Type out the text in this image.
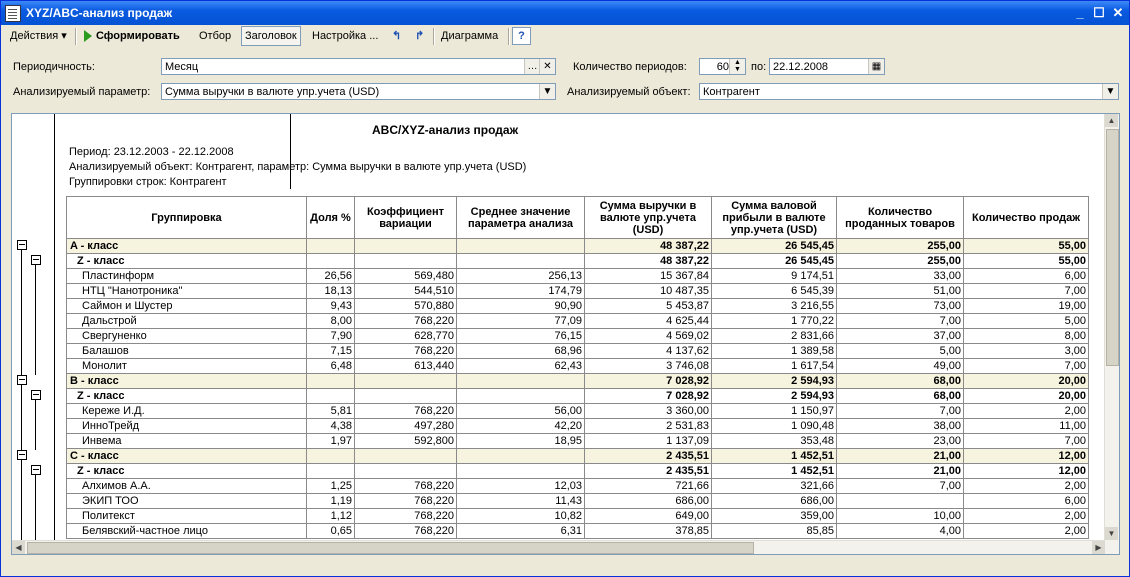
XYZ/ABC-анализ продаж	_ ☐ ✕
Действия ▾	Сформировать Отбор	Заголовок	Настройка ... ↰ ↱ Диаграмма	?
Периодичность:	Месяц	… ✕	Количество периодов:	60 ▲
▼ по: 22.12.2008	▦
Анализируемый параметр:	Сумма выручки в валюте упр.учета (USD)	▼ Анализируемый объект:	Контрагент	▼
ABC/XYZ-анализ продаж
Период: 23.12.2003 - 22.12.2008
Анализируемый объект: Контрагент, параметр: Сумма выручки в валюте упр.учета (USD)
Группировки строк: Контрагент
Группировка	Доля %	Коэффициент вариации	Среднее значение параметра анализа	Сумма выручки в валюте упр.учета (USD)	Сумма валовой прибыли в валюте упр.учета (USD)	Количество проданных товаров	Количество продаж
A - класс				48 387,22	26 545,45	255,00	55,00
Z - класс				48 387,22	26 545,45	255,00	55,00
Пластинформ	26,56	569,480	256,13	15 367,84	9 174,51	33,00	6,00
НТЦ "Нанотроника"	18,13	544,510	174,79	10 487,35	6 545,39	51,00	7,00
Саймон и Шустер	9,43	570,880	90,90	5 453,87	3 216,55	73,00	19,00
Дальстрой	8,00	768,220	77,09	4 625,44	1 770,22	7,00	5,00
Свергуненко	7,90	628,770	76,15	4 569,02	2 831,66	37,00	8,00
Балашов	7,15	768,220	68,96	4 137,62	1 389,58	5,00	3,00
Монолит	6,48	613,440	62,43	3 746,08	1 617,54	49,00	7,00
B - класс				7 028,92	2 594,93	68,00	20,00
Z - класс				7 028,92	2 594,93	68,00	20,00
Кереже И.Д.	5,81	768,220	56,00	3 360,00	1 150,97	7,00	2,00
ИнноТрейд	4,38	497,280	42,20	2 531,83	1 090,48	38,00	11,00
Инвема	1,97	592,800	18,95	1 137,09	353,48	23,00	7,00
C - класс				2 435,51	1 452,51	21,00	12,00
Z - класс				2 435,51	1 452,51	21,00	12,00
Алхимов А.А.	1,25	768,220	12,03	721,66	321,66	7,00	2,00
ЭКИП ТОО	1,19	768,220	11,43	686,00	686,00		6,00
Политекст	1,12	768,220	10,82	649,00	359,00	10,00	2,00
Белявский-частное лицо	0,65	768,220	6,31	378,85	85,85	4,00	2,00
▲
▼
◀	▶
